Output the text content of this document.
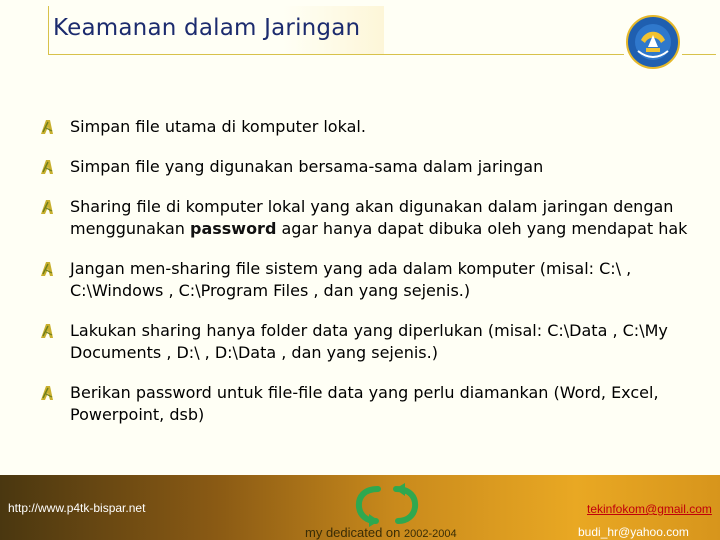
Keamanan dalam Jaringan
Simpan file utama di komputer lokal.
Simpan file yang digunakan bersama-sama dalam jaringan
Sharing file di komputer lokal yang akan digunakan dalam jaringan dengan menggunakan password agar hanya dapat dibuka oleh yang mendapat hak
Jangan men-sharing file sistem yang ada dalam komputer (misal: C:\ , C:\Windows , C:\Program Files , dan yang sejenis.)
Lakukan sharing hanya folder data yang diperlukan (misal: C:\Data , C:\My Documents , D:\ , D:\Data , dan yang sejenis.)
Berikan password untuk file-file data yang perlu diamankan (Word, Excel, Powerpoint, dsb)
http://www.p4tk-bispar.net
my dedicated on 2002-2004
tekinfokom@gmail.com
budi_hr@yahoo.com
